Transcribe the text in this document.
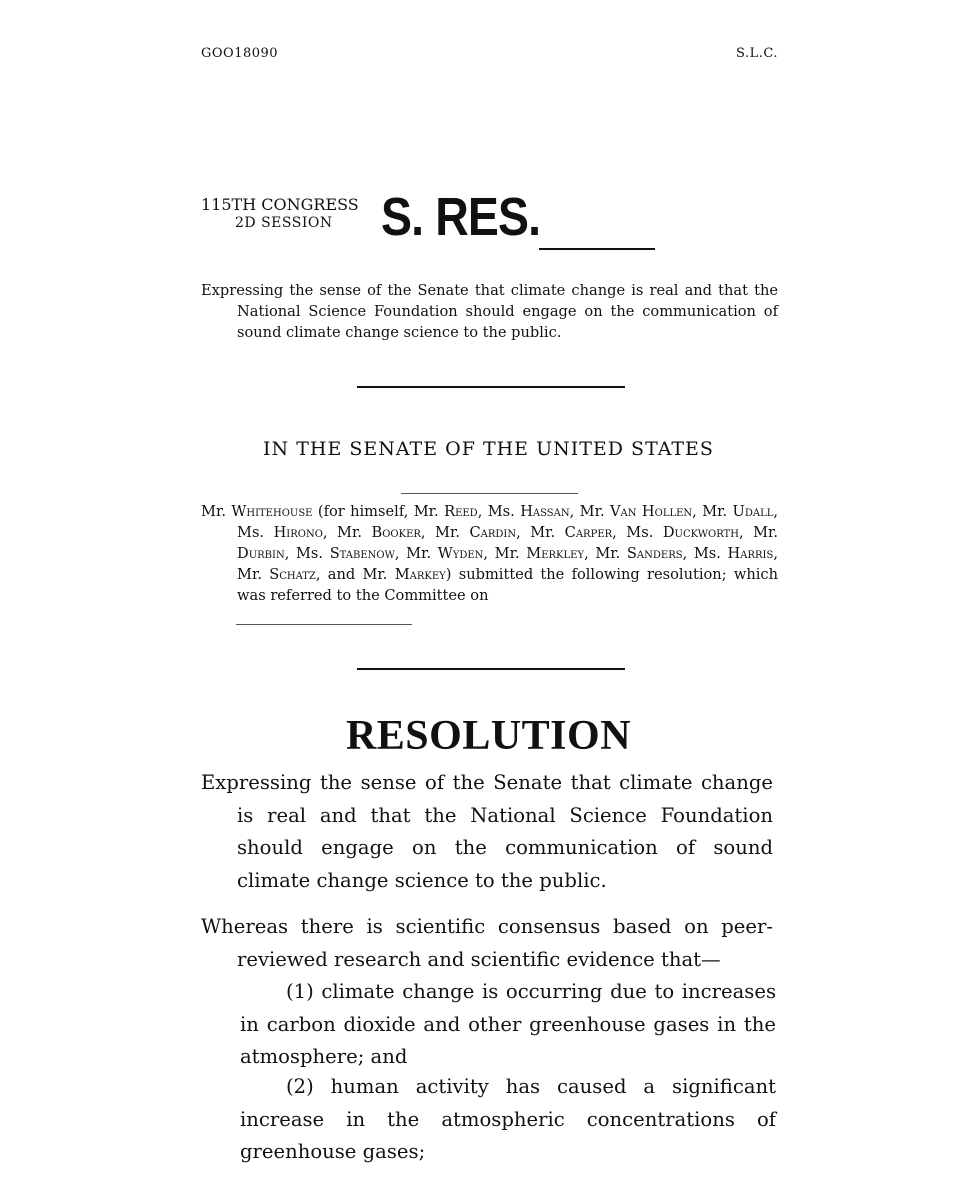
GOO18090	S.L.C.
115TH CONGRESS
2D SESSION S. RES.
Expressing the sense of the Senate that climate change is real and that the National Science Foundation should engage on the communication of sound climate change science to the public.
IN THE SENATE OF THE UNITED STATES
Mr. Whitehouse (for himself, Mr. Reed, Ms. Hassan, Mr. Van Hollen, Mr. Udall, Ms. Hirono, Mr. Booker, Mr. Cardin, Mr. Carper, Ms. Duckworth, Mr. Durbin, Ms. Stabenow, Mr. Wyden, Mr. Merkley, Mr. Sanders, Ms. Harris, Mr. Schatz, and Mr. Markey) submitted the following resolution; which was referred to the Committee on
RESOLUTION
Expressing the sense of the Senate that climate change is real and that the National Science Foundation should engage on the communication of sound climate change science to the public.
Whereas there is scientific consensus based on peer-reviewed research and scientific evidence that—
(1) climate change is occurring due to increases in carbon dioxide and other greenhouse gases in the atmosphere; and
(2) human activity has caused a significant increase in the atmospheric concentrations of greenhouse gases;
